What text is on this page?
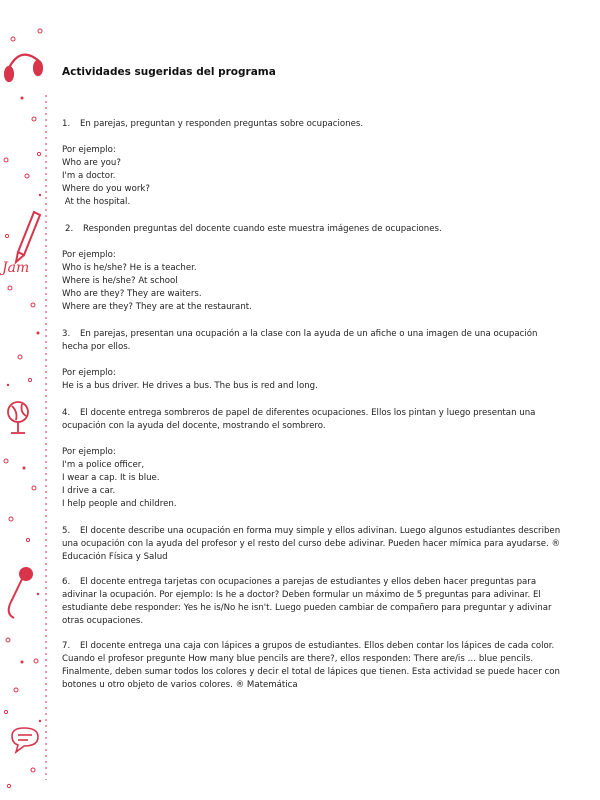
Jam
Actividades sugeridas del programa
1. En parejas, preguntan y responden preguntas sobre ocupaciones.
Por ejemplo:
Who are you?
I'm a doctor.
Where do you work?
At the hospital.
2. Responden preguntas del docente cuando este muestra imágenes de ocupaciones.
Por ejemplo:
Who is he/she? He is a teacher.
Where is he/she? At school
Who are they? They are waiters.
Where are they? They are at the restaurant.
3. En parejas, presentan una ocupación a la clase con la ayuda de un afiche o una imagen de una ocupación hecha por ellos.
Por ejemplo:
He is a bus driver. He drives a bus. The bus is red and long.
4. El docente entrega sombreros de papel de diferentes ocupaciones. Ellos los pintan y luego presentan una ocupación con la ayuda del docente, mostrando el sombrero.
Por ejemplo:
I'm a police officer,
I wear a cap. It is blue.
I drive a car.
I help people and children.
5. El docente describe una ocupación en forma muy simple y ellos adivinan. Luego algunos estudiantes describen una ocupación con la ayuda del profesor y el resto del curso debe adivinar. Pueden hacer mímica para ayudarse. ® Educación Física y Salud
6. El docente entrega tarjetas con ocupaciones a parejas de estudiantes y ellos deben hacer preguntas para adivinar la ocupación. Por ejemplo: Is he a doctor? Deben formular un máximo de 5 preguntas para adivinar. El estudiante debe responder: Yes he is/No he isn't. Luego pueden cambiar de compañero para preguntar y adivinar otras ocupaciones.
7. El docente entrega una caja con lápices a grupos de estudiantes. Ellos deben contar los lápices de cada color. Cuando el profesor pregunte How many blue pencils are there?, ellos responden: There are/is … blue pencils. Finalmente, deben sumar todos los colores y decir el total de lápices que tienen. Esta actividad se puede hacer con botones u otro objeto de varios colores. ® Matemática
